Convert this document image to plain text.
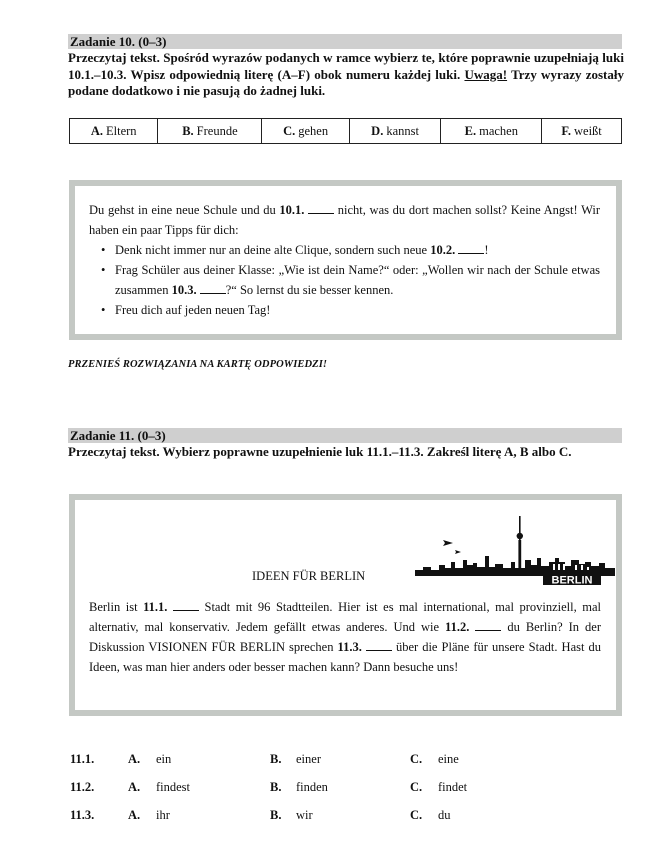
Zadanie 10. (0–3)
Przeczytaj tekst. Spośród wyrazów podanych w ramce wybierz te, które poprawnie uzupełniają luki 10.1.–10.3. Wpisz odpowiednią literę (A–F) obok numeru każdej luki. Uwaga! Trzy wyrazy zostały podane dodatkowo i nie pasują do żadnej luki.
A. Eltern	B. Freunde	C. gehen	D. kannst	E. machen	F. weißt
Du gehst in eine neue Schule und du 10.1.  nicht, was du dort machen sollst? Keine Angst! Wir haben ein paar Tipps für dich:
• Denk nicht immer nur an deine alte Clique, sondern such neue 10.2. !
• Frag Schüler aus deiner Klasse: „Wie ist dein Name?“ oder: „Wollen wir nach der Schule etwas zusammen 10.3. ?“ So lernst du sie besser kennen.
• Freu dich auf jeden neuen Tag!
PRZENIEŚ ROZWIĄZANIA NA KARTĘ ODPOWIEDZI!
Zadanie 11. (0–3)
Przeczytaj tekst. Wybierz poprawne uzupełnienie luk 11.1.–11.3. Zakreśl literę A, B albo C.
BERLIN
IDEEN FÜR BERLIN
Berlin ist 11.1.	Stadt mit 96 Stadtteilen. Hier ist es mal international, mal provinziell, mal alternativ, mal konservativ. Jedem gefällt etwas anderes. Und wie 11.2.	du Berlin? In der Diskussion VISIONEN FÜR BERLIN sprechen 11.3.  über die Pläne für unsere Stadt. Hast du Ideen, was man hier anders oder besser machen kann? Dann besuche uns!
11.1.	A. ein	B. einer	C. eine
11.2.	A. findest	B. finden	C. findet
11.3.	A. ihr	B. wir	C. du
